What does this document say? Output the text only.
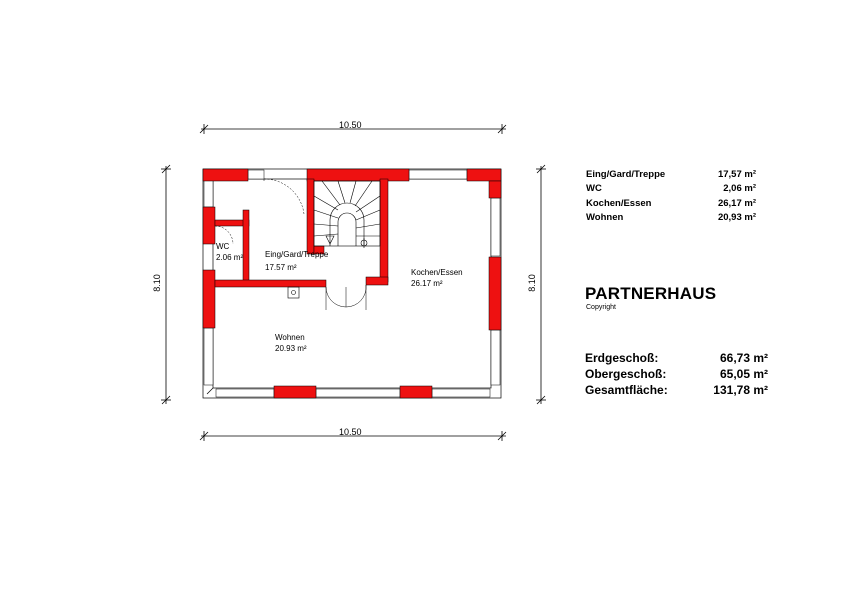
10.50
10.50
8.10	8.10
WC
2.06 m²	Eing/Gard/Treppe
17.57 m²
Kochen/Essen
26.17 m²
Wohnen
20.93 m²
Eing/Gard/Treppe	17,57 m²
WC	2,06 m²
Kochen/Essen	26,17 m²
Wohnen	20,93 m²
PARTNERHAUS
Copyright
Erdgeschoß:	66,73 m²
Obergeschoß:	65,05 m²
Gesamtfläche:	131,78 m²
